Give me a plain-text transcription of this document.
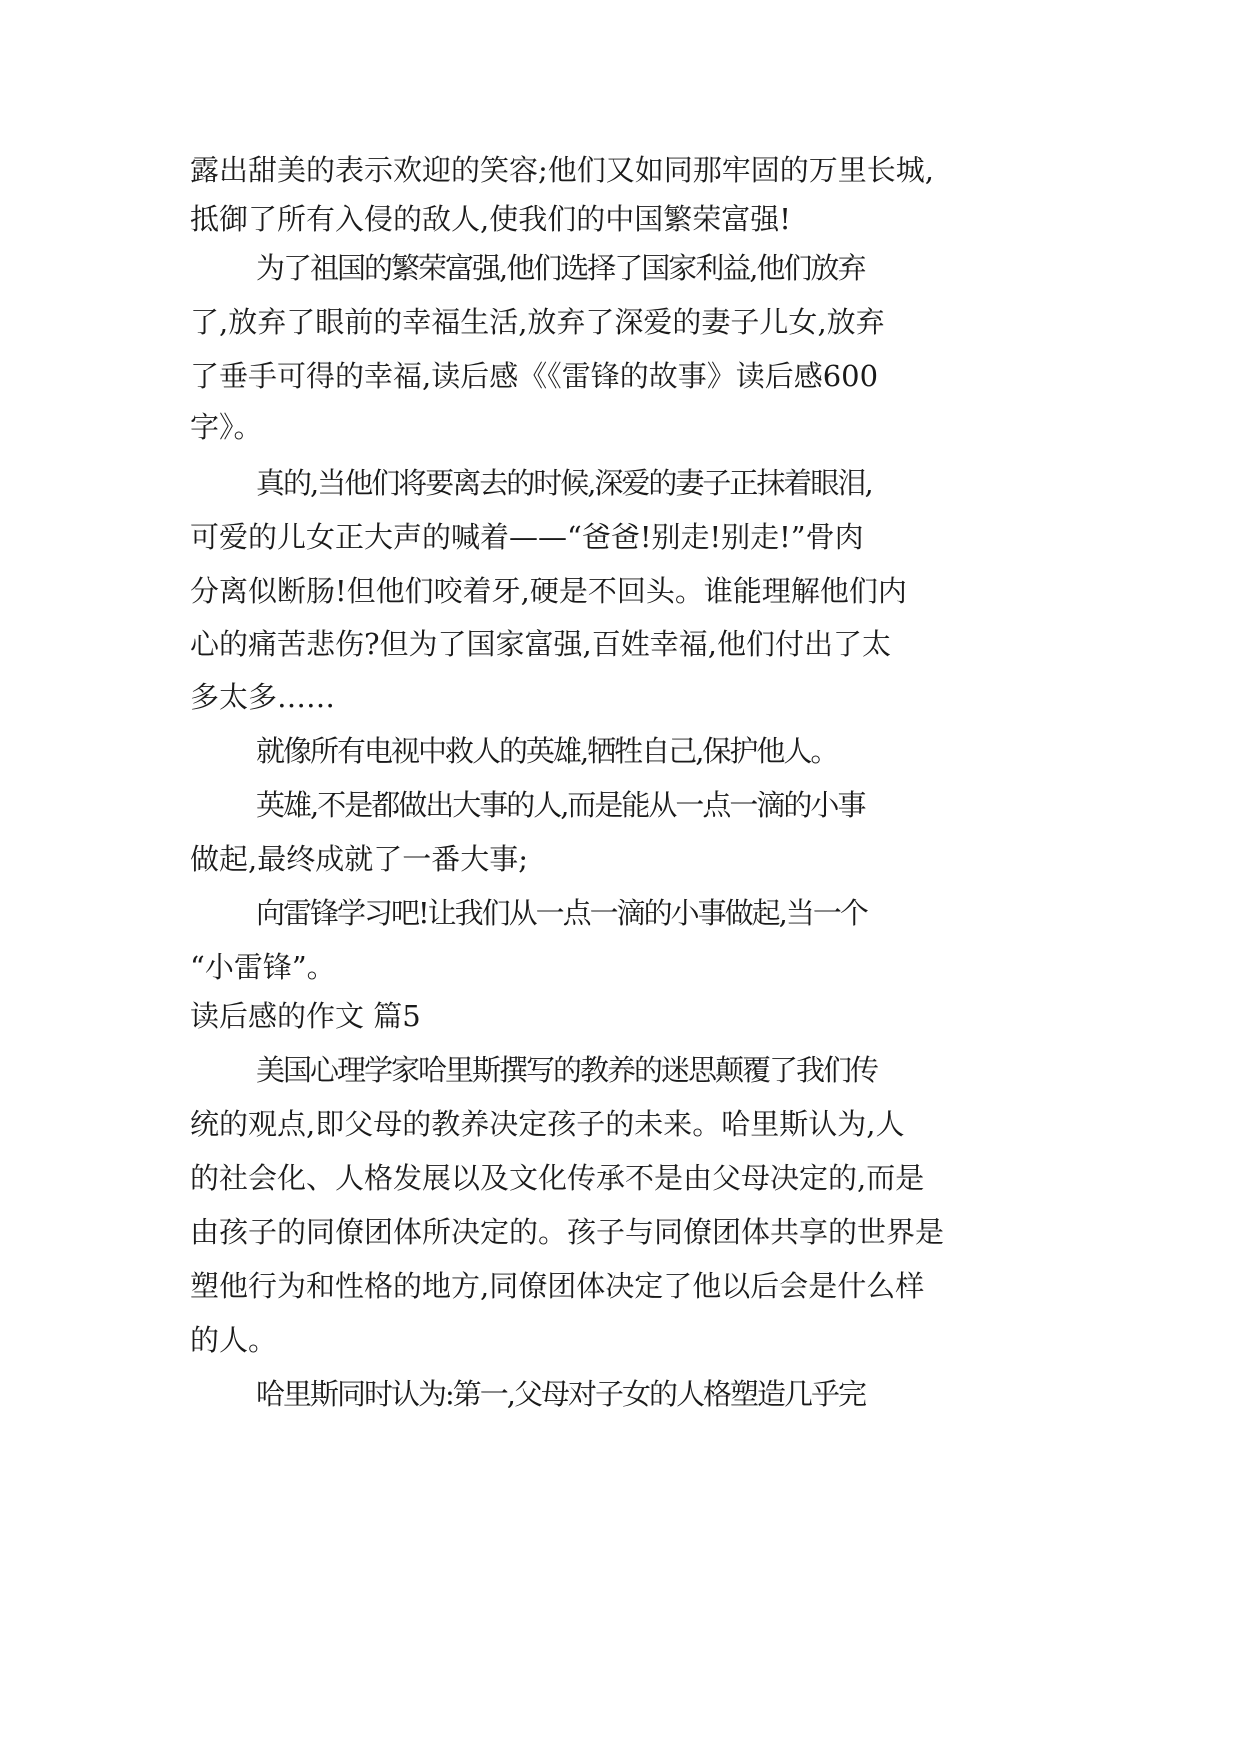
露出甜美的表示欢迎的笑容;他们又如同那牢固的万里长城,
抵御了所有入侵的敌人,使我们的中国繁荣富强!
为了祖国的繁荣富强,他们选择了国家利益,他们放弃
了,放弃了眼前的幸福生活,放弃了深爱的妻子儿女,放弃
了垂手可得的幸福,读后感《《雷锋的故事》读后感600
字》。
真的,当他们将要离去的时候,深爱的妻子正抹着眼泪,
可爱的儿女正大声的喊着——“爸爸!别走!别走!”骨肉
分离似断肠!但他们咬着牙,硬是不回头。谁能理解他们内
心的痛苦悲伤?但为了国家富强,百姓幸福,他们付出了太
多太多……
就像所有电视中救人的英雄,牺牲自己,保护他人。
英雄,不是都做出大事的人,而是能从一点一滴的小事
做起,最终成就了一番大事;
向雷锋学习吧!让我们从一点一滴的小事做起,当一个
“小雷锋”。
读后感的作文 篇5
美国心理学家哈里斯撰写的教养的迷思颠覆了我们传
统的观点,即父母的教养决定孩子的未来。哈里斯认为,人
的社会化、人格发展以及文化传承不是由父母决定的,而是
由孩子的同僚团体所决定的。孩子与同僚团体共享的世界是
塑他行为和性格的地方,同僚团体决定了他以后会是什么样
的人。
哈里斯同时认为:第一,父母对子女的人格塑造几乎完
